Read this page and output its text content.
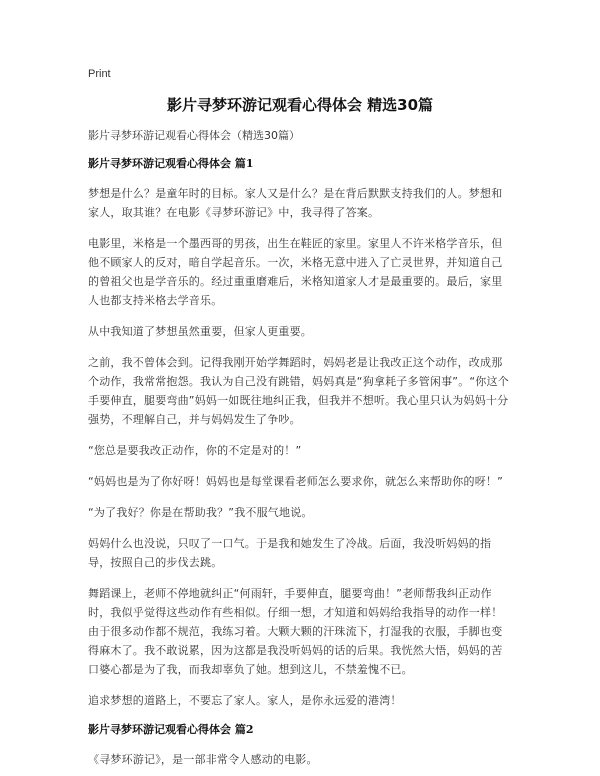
Print
影片寻梦环游记观看心得体会 精选30篇
影片寻梦环游记观看心得体会（精选30篇）
影片寻梦环游记观看心得体会 篇1

梦想是什么？是童年时的目标。家人又是什么？是在背后默默支持我们的人。梦想和家人，取其谁？在电影《寻梦环游记》中，我寻得了答案。

电影里，米格是一个墨西哥的男孩，出生在鞋匠的家里。家里人不许米格学音乐，但他不顾家人的反对，暗自学起音乐。一次，米格无意中进入了亡灵世界，并知道自己的曾祖父也是学音乐的。经过重重磨难后，米格知道家人才是最重要的。最后，家里人也都支持米格去学音乐。

从中我知道了梦想虽然重要，但家人更重要。

之前，我不曾体会到。记得我刚开始学舞蹈时，妈妈老是让我改正这个动作，改成那个动作，我常常抱怨。我认为自己没有跳错，妈妈真是“狗拿耗子多管闲事”。“你这个手要伸直，腿要弯曲”妈妈一如既往地纠正我，但我并不想听。我心里只认为妈妈十分强势，不理解自己，并与妈妈发生了争吵。

“您总是要我改正动作，你的不定是对的！”

“妈妈也是为了你好呀！妈妈也是每堂课看老师怎么要求你，就怎么来帮助你的呀！”

“为了我好？你是在帮助我？”我不服气地说。

妈妈什么也没说，只叹了一口气。于是我和她发生了冷战。后面，我没听妈妈的指导，按照自己的步伐去跳。

舞蹈课上，老师不停地就纠正“何雨轩，手要伸直，腿要弯曲！”老师帮我纠正动作时，我似乎觉得这些动作有些相似。仔细一想，才知道和妈妈给我指导的动作一样！由于很多动作都不规范，我练习着。大颗大颗的汗珠流下，打湿我的衣服，手脚也变得麻木了。我不敢说累，因为这都是我没听妈妈的话的后果。我恍然大悟，妈妈的苦口婆心都是为了我，而我却辜负了她。想到这儿，不禁羞愧不已。

追求梦想的道路上，不要忘了家人。家人，是你永远爱的港湾！

影片寻梦环游记观看心得体会 篇2

《寻梦环游记》，是一部非常令人感动的电影。
